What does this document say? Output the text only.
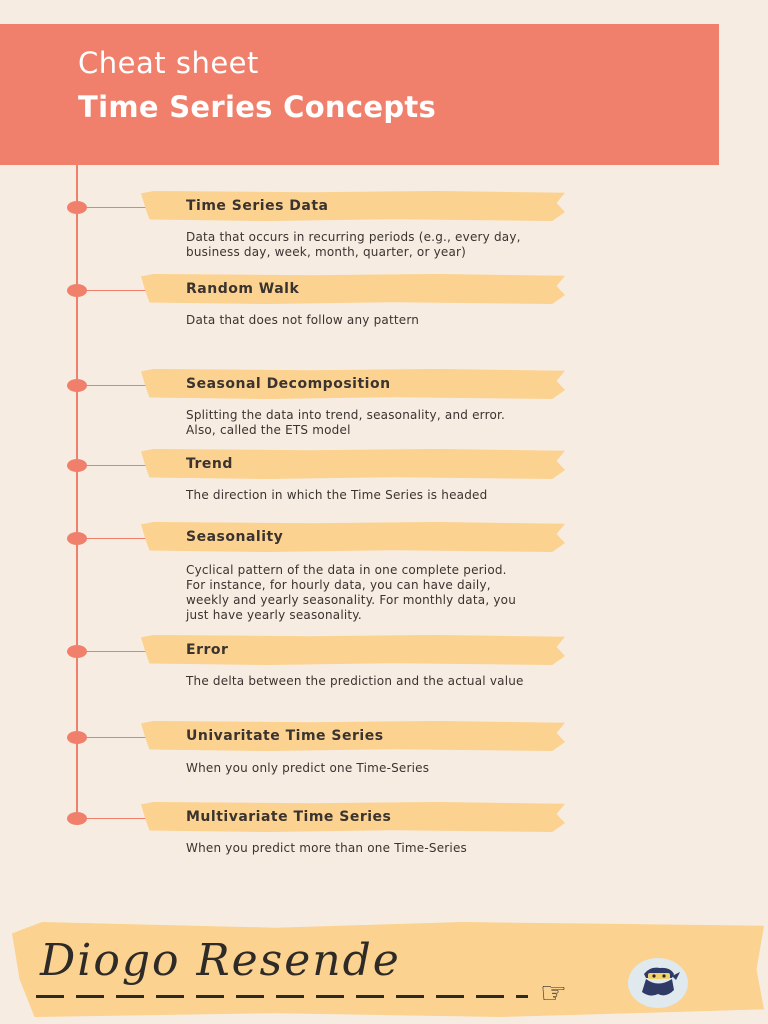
Cheat sheet
Time Series Concepts
Time Series Data
Data that occurs in recurring periods (e.g., every day,
business day, week, month, quarter, or year)
Random Walk
Data that does not follow any pattern
Seasonal Decomposition
Splitting the data into trend, seasonality, and error.
Also, called the ETS model
Trend
The direction in which the Time Series is headed
Seasonality
Cyclical pattern of the data in one complete period.
For instance, for hourly data, you can have daily,
weekly and yearly seasonality. For monthly data, you
just have yearly seasonality.
Error
The delta between the prediction and the actual value
Univaritate Time Series
When you only predict one Time-Series
Multivariate Time Series
When you predict more than one Time-Series
Diogo Resende
☞
